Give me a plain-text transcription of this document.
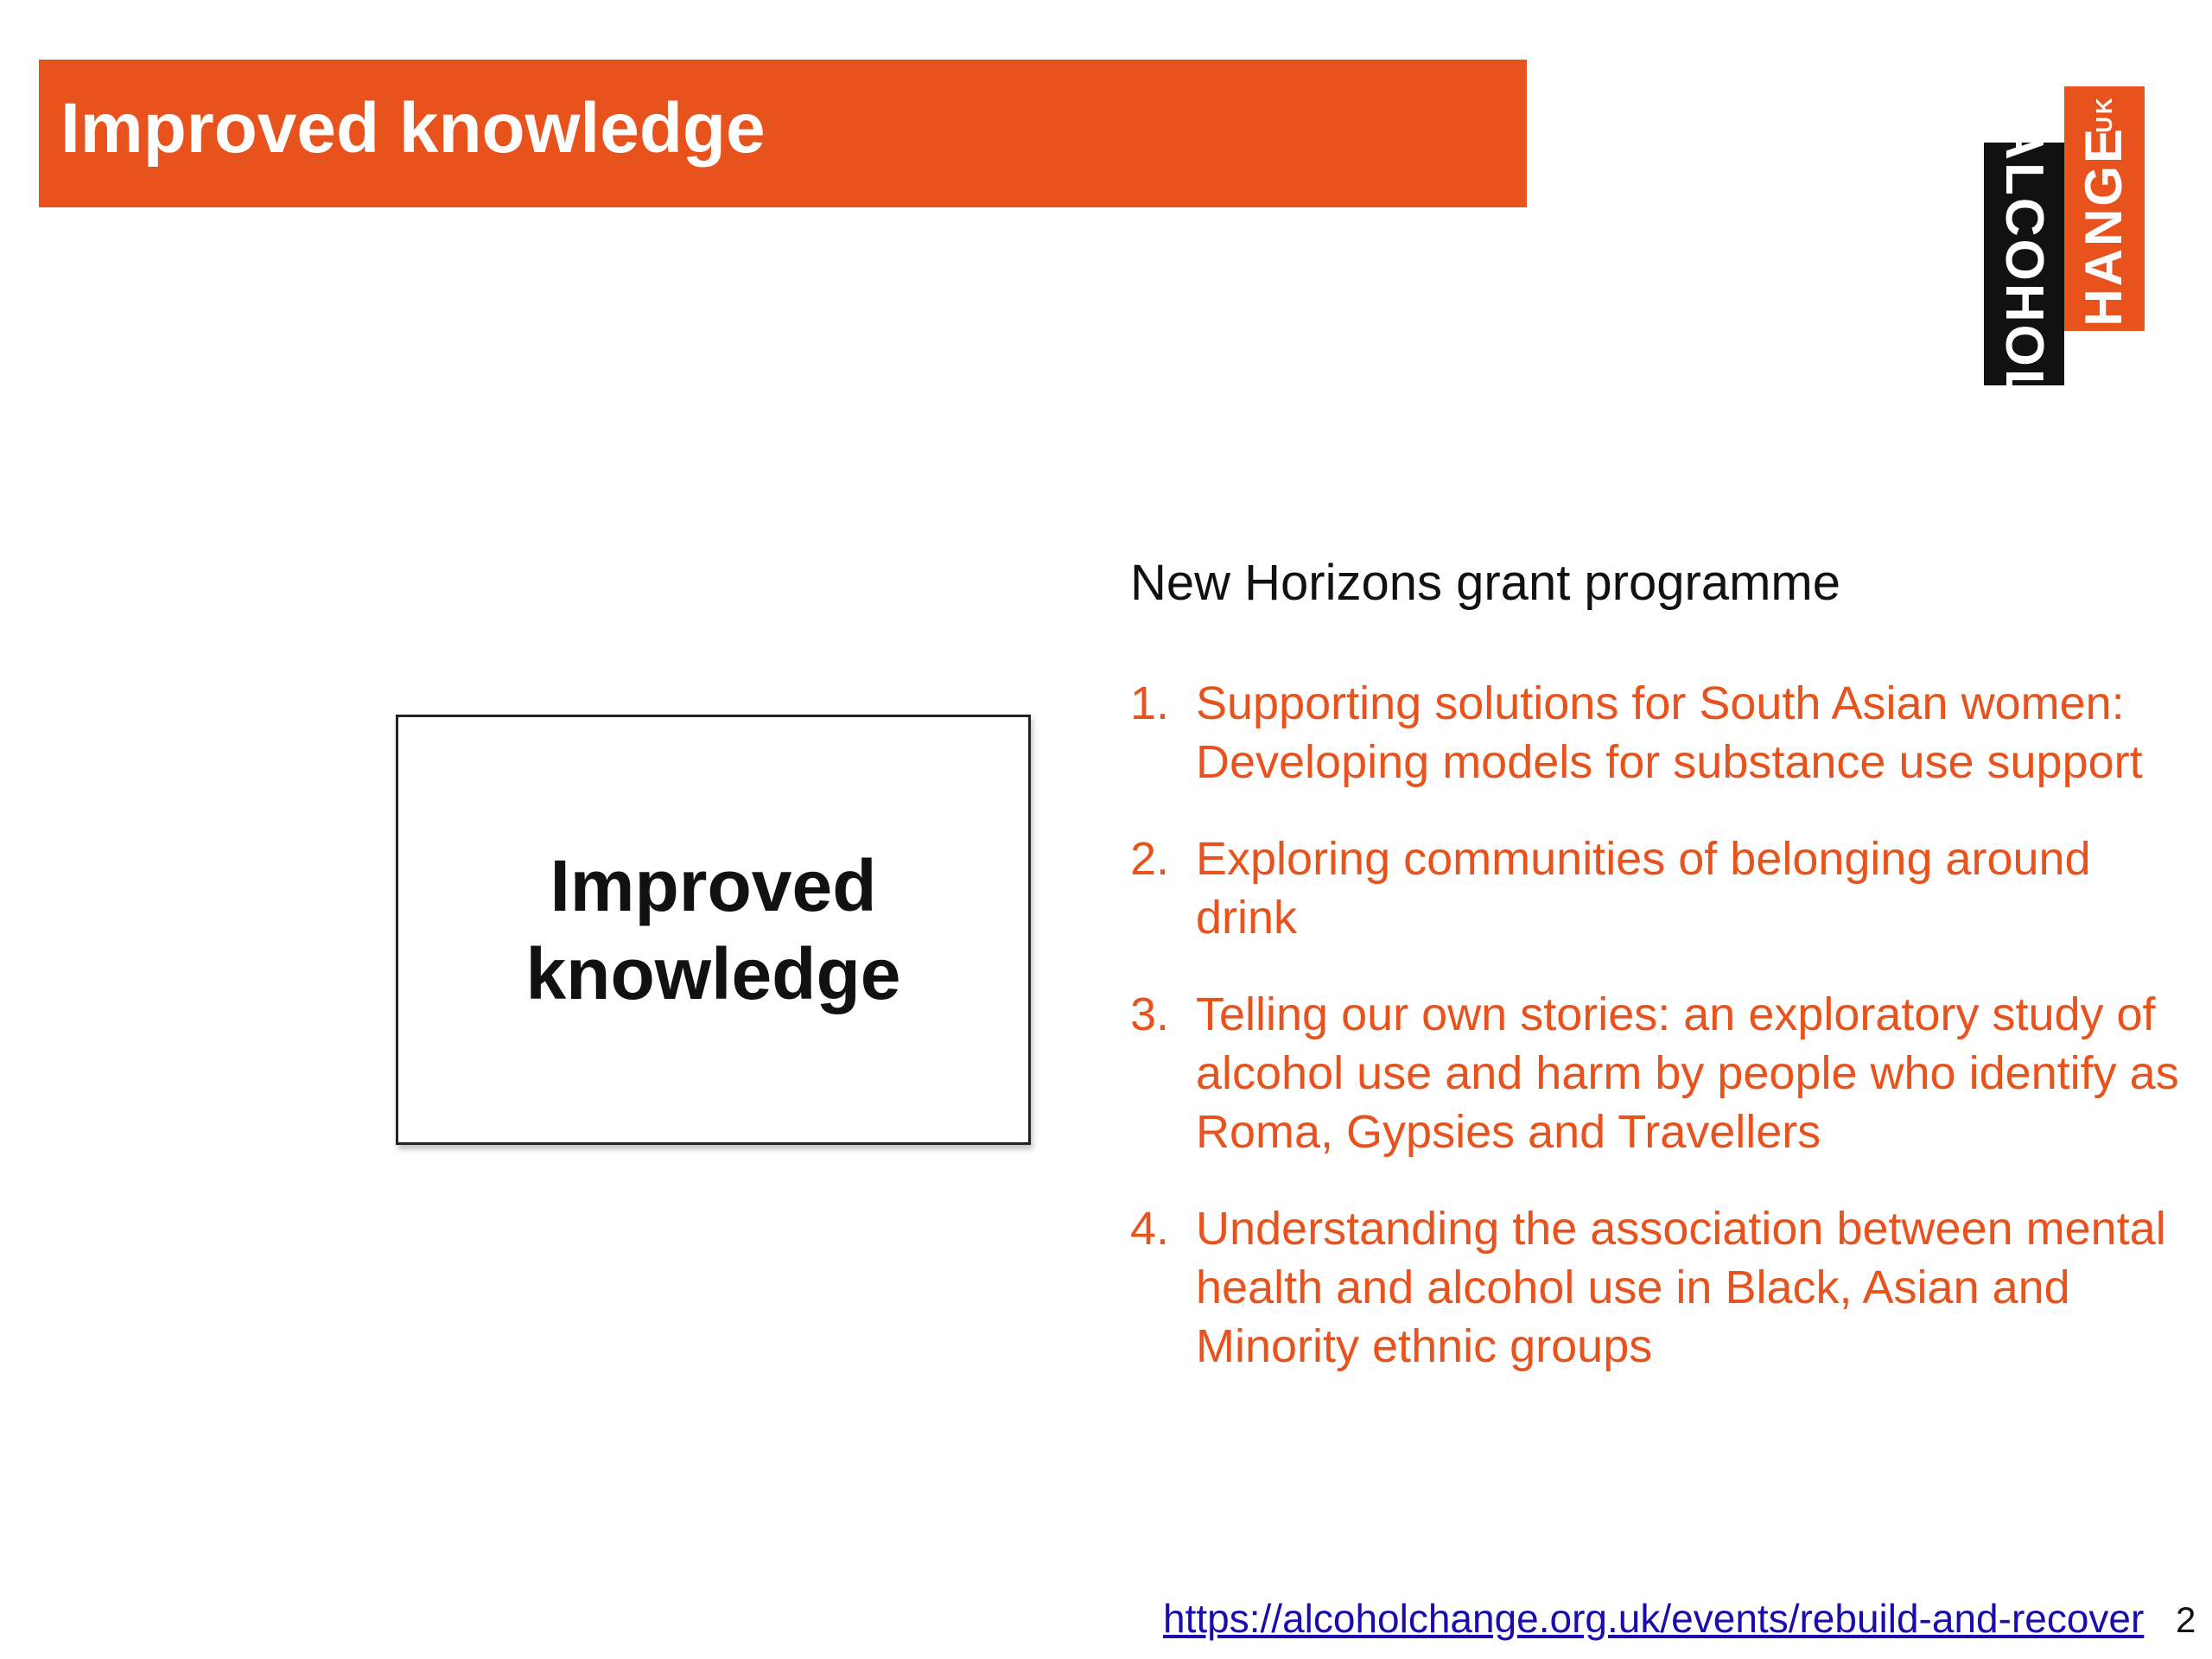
Improved knowledge	ALCOHOL
UK
CHANGE
Improved
knowledge
New Horizons grant programme
1. Supporting solutions for South Asian women: Developing models for substance use support
2. Exploring communities of belonging around drink
3. Telling our own stories: an exploratory study of alcohol use and harm by people who identify as Roma, Gypsies and Travellers
4. Understanding the association between mental health and alcohol use in Black, Asian and Minority ethnic groups
https://alcoholchange.org.uk/events/rebuild-and-recover 2
